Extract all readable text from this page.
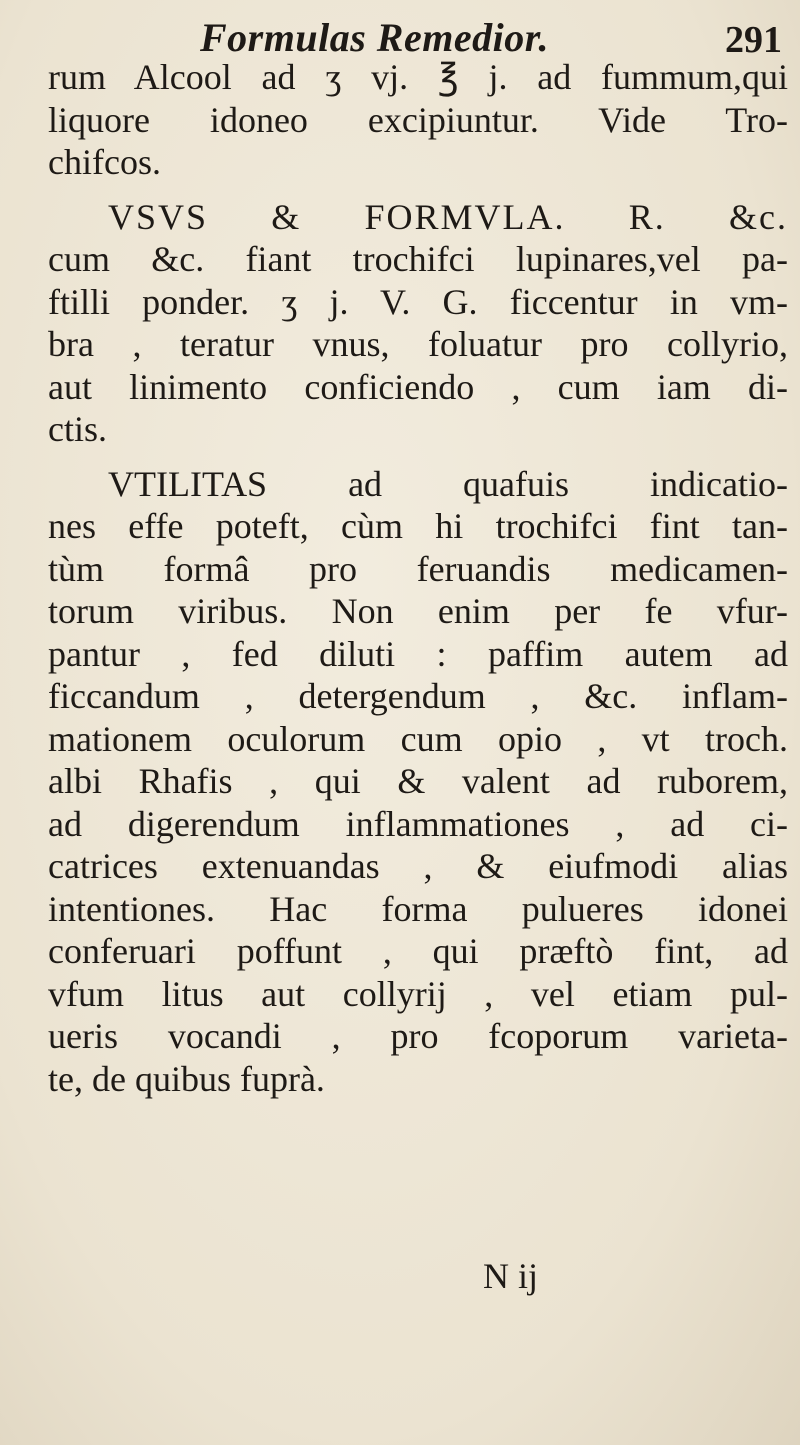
Formulas Remedior.	291
rum Alcool ad ʒ vj. ℥ j. ad fummum,qui
liquore idoneo excipiuntur. Vide Tro-
chifcos.
VSVS & FORMVLA. R. &c.
cum &c. fiant trochifci lupinares,vel pa-
ftilli ponder. ʒ j. V. G. ficcentur in vm-
bra , teratur vnus, foluatur pro collyrio,
aut linimento conficiendo , cum iam di-
ctis.
VTILITAS ad quafuis indicatio-
nes effe poteft, cùm hi trochifci fint tan-
tùm formâ pro feruandis medicamen-
torum viribus. Non enim per fe vfur-
pantur , fed diluti : paffim autem ad
ficcandum , detergendum , &c. inflam-
mationem oculorum cum opio , vt troch.
albi Rhafis , qui & valent ad ruborem,
ad digerendum inflammationes , ad ci-
catrices extenuandas , & eiufmodi alias
intentiones. Hac forma pulueres idonei
conferuari poffunt , qui præftò fint, ad
vfum litus aut collyrij , vel etiam pul-
ueris vocandi , pro fcoporum varieta-
te, de quibus fuprà.
N ij
